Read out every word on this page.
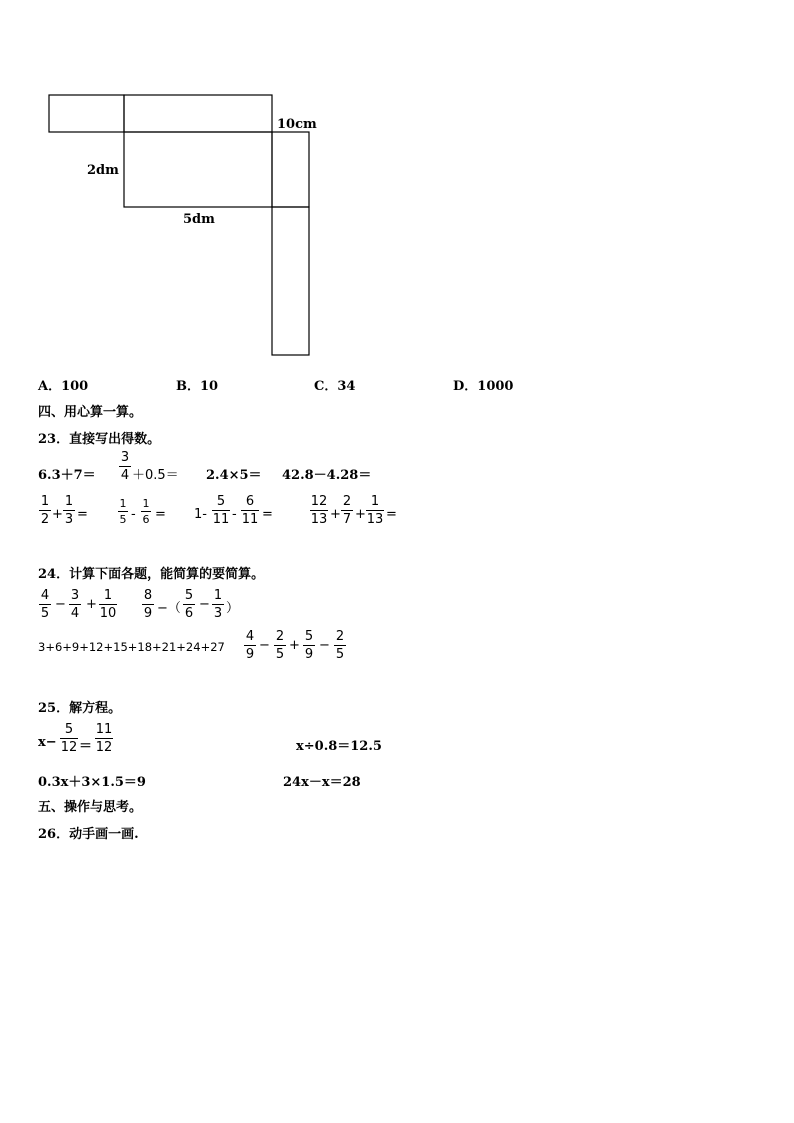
10cm
2dm
5dm
A．100	B．10	C．34	D．1000
四、用心算一算。
23．直接写出得数。
6.3＋7＝
3
4 ＋0.5＝ 2.4×5＝ 42.8－4.28＝
1
2 +
1
3 =
1
5 -
1
6 = 1-
5
11 -
6
11 =
12
13 +
2
7 +
1
13 =
24．计算下面各题，能简算的要简算。
4
5
−
3
4
+
1
10
8
9 −（
5
6
−
1
3 ）
3+6+9+12+15+18+21+24+27
4
9
−
2
5
+
5
9
−
2
5
25．解方程。
x−
5
12 ＝
11
12	x÷0.8＝12.5
0.3x＋3×1.5＝9	24x－x＝28
五、操作与思考。
26．动手画一画.
